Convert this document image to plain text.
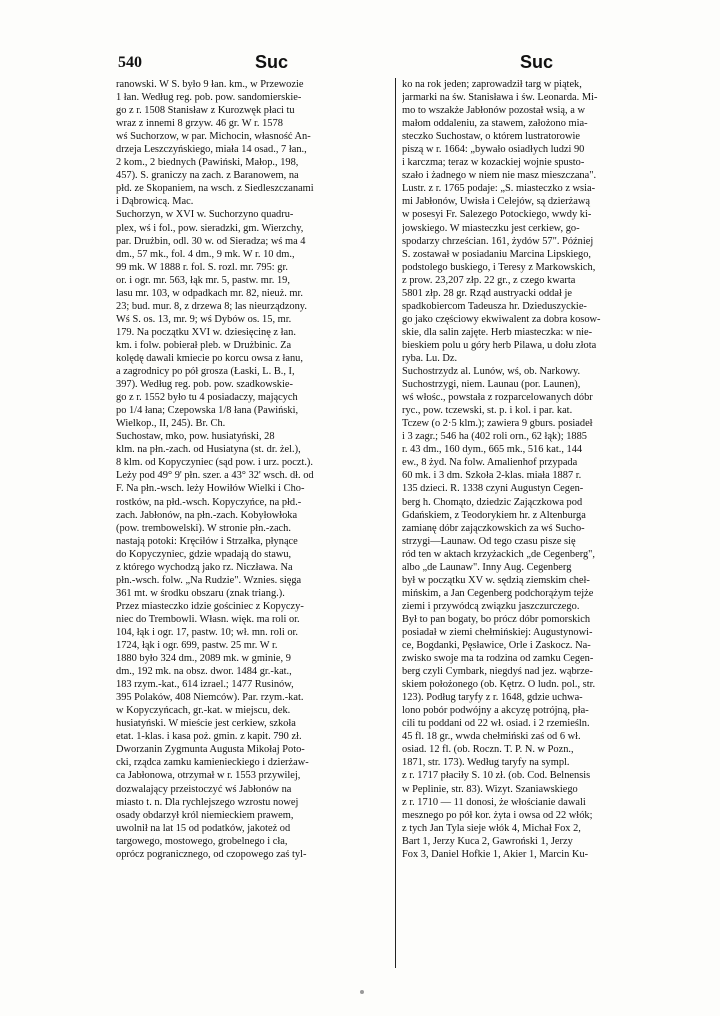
540	Suc	Suc
ranowski. W S. było 9 łan. km., w Przewozie
1 łan. Według reg. pob. pow. sandomierskie-
go z r. 1508 Stanisław z Kurozwęk płaci tu
wraz z innemi 8 grzyw. 46 gr. W r. 1578
wś Suchorzow, w par. Michocin, własność An-
drzeja Leszczyńskiego, miała 14 osad., 7 łan.,
2 kom., 2 biednych (Pawiński, Małop., 198,
457). S. graniczy na zach. z Baranowem, na
płd. ze Skopaniem, na wsch. z Siedleszczanami
i Dąbrowicą. Mac.
Suchorzyn, w XVI w. Suchorzyno quadru-
plex, wś i fol., pow. sieradzki, gm. Wierzchy,
par. Drużbin, odl. 30 w. od Sieradza; wś ma 4
dm., 57 mk., fol. 4 dm., 9 mk. W r. 10 dm.,
99 mk. W 1888 r. fol. S. rozl. mr. 795: gr.
or. i ogr. mr. 563, łąk mr. 5, pastw. mr. 19,
lasu mr. 103, w odpadkach mr. 82, nieuż. mr.
23; bud. mur. 8, z drzewa 8; las nieurządzony.
Wś S. os. 13, mr. 9; wś Dybów os. 15, mr.
179. Na początku XVI w. dziesięcinę z łan.
km. i folw. pobierał pleb. w Drużbinic. Za
kolędę dawali kmiecie po korcu owsa z łanu,
a zagrodnicy po pół grosza (Łaski, L. B., I,
397). Według reg. pob. pow. szadkowskie-
go z r. 1552 było tu 4 posiadaczy, mających
po 1/4 łana; Czepowska 1/8 łana (Pawiński,
Wielkop., II, 245). Br. Ch.
Suchostaw, mko, pow. husiatyński, 28
klm. na płn.-zach. od Husiatyna (st. dr. żel.),
8 klm. od Kopyczyniec (sąd pow. i urz. poczt.).
Leży pod 49° 9' płn. szer. a 43° 32' wsch. dł. od
F. Na płn.-wsch. leży Howiłów Wielki i Cho-
rostków, na płd.-wsch. Kopyczyńce, na płd.-
zach. Jabłonów, na płn.-zach. Kobyłowłoka
(pow. trembowelski). W stronie płn.-zach.
nastają potoki: Kręciłów i Strzałka, płynące
do Kopyczyniec, gdzie wpadają do stawu,
z którego wychodzą jako rz. Niczława. Na
płn.-wsch. folw. „Na Rudzie". Wznies. sięga
361 mt. w środku obszaru (znak triang.).
Przez miasteczko idzie gościniec z Kopyczy-
niec do Trembowli. Własn. więk. ma roli or.
104, łąk i ogr. 17, pastw. 10; wł. mn. roli or.
1724, łąk i ogr. 699, pastw. 25 mr. W r.
1880 było 324 dm., 2089 mk. w gminie, 9
dm., 192 mk. na obsz. dwor. 1484 gr.-kat.,
183 rzym.-kat., 614 izrael.; 1477 Rusinów,
395 Polaków, 408 Niemców). Par. rzym.-kat.
w Kopyczyńcach, gr.-kat. w miejscu, dek.
husiatyński. W mieście jest cerkiew, szkoła
etat. 1-klas. i kasa poż. gmin. z kapit. 790 zł.
Dworzanin Zygmunta Augusta Mikołaj Poto-
cki, rządca zamku kamienieckiego i dzierżaw-
ca Jabłonowa, otrzymał w r. 1553 przywilej,
dozwalający przeistoczyć wś Jabłonów na
miasto t. n. Dla rychlejszego wzrostu nowej
osady obdarzył król niemieckiem prawem,
uwolnił na lat 15 od podatków, jakoteż od
targowego, mostowego, grobelnego i cła,
oprócz pogranicznego, od czopowego zaś tyl-
ko na rok jeden; zaprowadził targ w piątek,
jarmarki na św. Stanisława i św. Leonarda. Mi-
mo to wszakże Jabłonów pozostał wsią, a w
małom oddaleniu, za stawem, założono mia-
steczko Suchostaw, o którem lustratorowie
piszą w r. 1664: „bywało osiadłych ludzi 90
i karczma; teraz w kozackiej wojnie spusto-
szało i żadnego w niem nie masz mieszczana".
Lustr. z r. 1765 podaje: „S. miasteczko z wsia-
mi Jabłonów, Uwisła i Celejów, są dzierżawą
w posesyi Fr. Salezego Potockiego, wwdy ki-
jowskiego. W miasteczku jest cerkiew, go-
spodarzy chrześcian. 161, żydów 57". Później
S. zostawał w posiadaniu Marcina Lipskiego,
podstolego buskiego, i Teresy z Markowskich,
z prow. 23,207 złp. 22 gr., z czego kwarta
5801 złp. 28 gr. Rząd austryacki oddał je
spadkobiercom Tadeusza hr. Dzieduszyckie-
go jako częściowy ekwiwalent za dobra kosow-
skie, dla salin zajęte. Herb miasteczka: w nie-
bieskiem polu u góry herb Pilawa, u dołu złota
ryba. Lu. Dz.
Suchostrzydz al. Lunów, wś, ob. Narkowy.
Suchostrzygi, niem. Launau (por. Launen),
wś włośc., powstała z rozparcelowanych dóbr
ryc., pow. tczewski, st. p. i kol. i par. kat.
Tczew (o 2·5 klm.); zawiera 9 gburs. posiadeł
i 3 zagr.; 546 ha (402 roli orn., 62 łąk); 1885
r. 43 dm., 160 dym., 665 mk., 516 kat., 144
ew., 8 żyd. Na folw. Amalienhof przypada
60 mk. i 3 dm. Szkoła 2-klas. miała 1887 r.
135 dzieci. R. 1338 czyni Augustyn Cegen-
berg h. Chomąto, dziedzic Zajączkowa pod
Gdańskiem, z Teodorykiem hr. z Altenburga
zamianę dóbr zajączkowskich za wś Sucho-
strzygi—Launaw. Od tego czasu pisze się
ród ten w aktach krzyżackich „de Cegenberg",
albo „de Launaw". Inny Aug. Cegenberg
był w początku XV w. sędzią ziemskim cheł-
mińskim, a Jan Cegenberg podchorążym tejże
ziemi i przywódcą związku jaszczurczego.
Był to pan bogaty, bo prócz dóbr pomorskich
posiadał w ziemi chełmińskiej: Augustynowi-
ce, Bogdanki, Pęsławice, Orle i Zaskocz. Na-
zwisko swoje ma ta rodzina od zamku Cegen-
berg czyli Cymbark, niegdyś nad jez. wąbrze-
skiem położonego (ob. Kętrz. O ludn. pol., str.
123). Podług taryfy z r. 1648, gdzie uchwa-
lono pobór podwójny a akcyzę potrójną, pła-
cili tu poddani od 22 wł. osiad. i 2 rzemieśln.
45 fl. 18 gr., wwda chełmiński zaś od 6 wł.
osiad. 12 fl. (ob. Roczn. T. P. N. w Pozn.,
1871, str. 173). Według taryfy na sympl.
z r. 1717 płaciły S. 10 zł. (ob. Cod. Belnensis
w Peplinie, str. 83). Wizyt. Szaniawskiego
z r. 1710 — 11 donosi, że włościanie dawali
mesznego po pół kor. żyta i owsa od 22 włók;
z tych Jan Tyla sieje włók 4, Michał Fox 2,
Bart 1, Jerzy Kuca 2, Gawroński 1, Jerzy
Fox 3, Daniel Hofkie 1, Akier 1, Marcin Ku-
